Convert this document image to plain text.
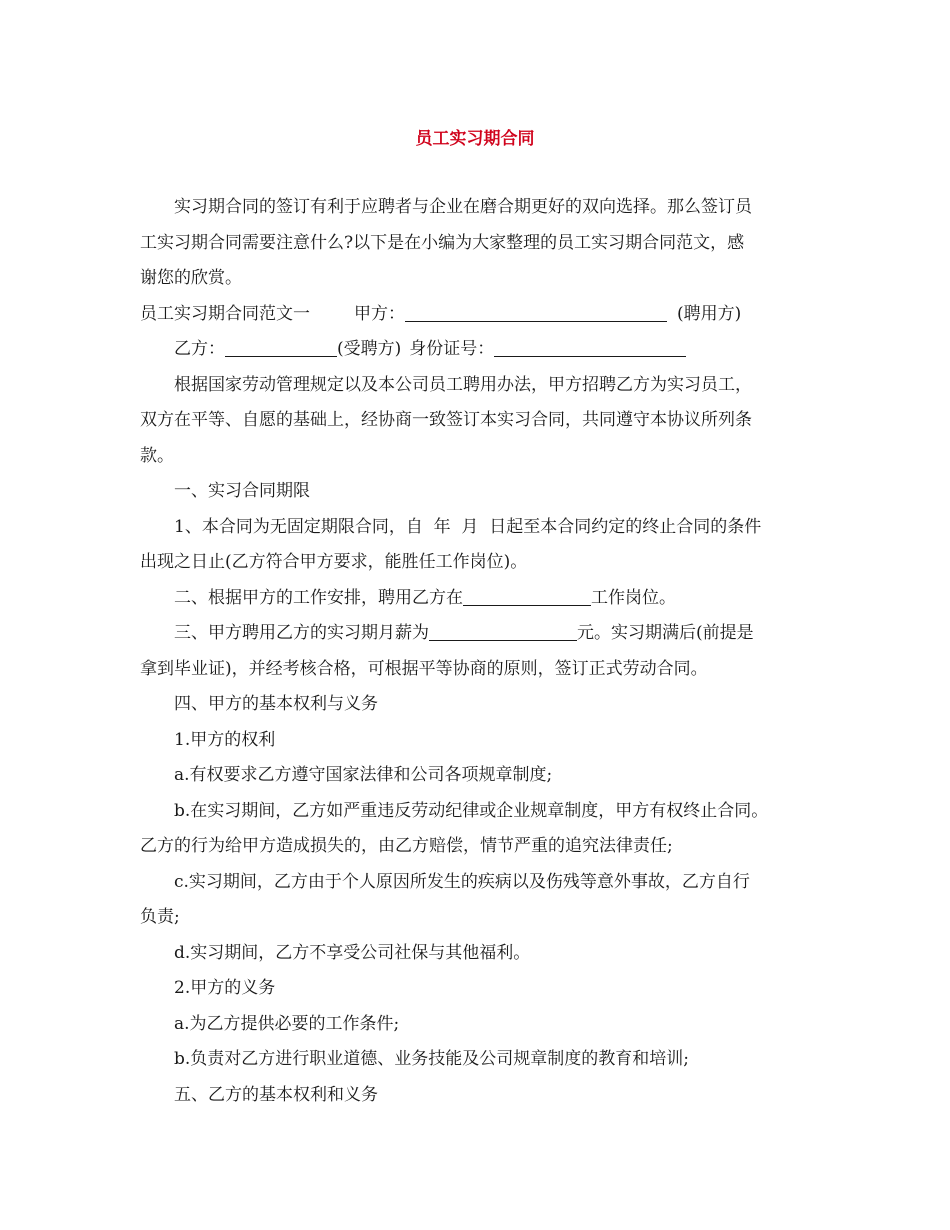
员工实习期合同

实习期合同的签订有利于应聘者与企业在磨合期更好的双向选择。那么签订员

工实习期合同需要注意什么?以下是在小编为大家整理的员工实习期合同范文，感

谢您的欣赏。

员工实习期合同范文一	甲方：	(聘用方)

乙方：	(受聘方) 身份证号：

根据国家劳动管理规定以及本公司员工聘用办法，甲方招聘乙方为实习员工，

双方在平等、自愿的基础上，经协商一致签订本实习合同，共同遵守本协议所列条

款。

一、实习合同期限

1、本合同为无固定期限合同，自  年  月  日起至本合同约定的终止合同的条件

出现之日止(乙方符合甲方要求，能胜任工作岗位)。

二、根据甲方的工作安排，聘用乙方在	工作岗位。

三、甲方聘用乙方的实习期月薪为	元。实习期满后(前提是

拿到毕业证)，并经考核合格，可根据平等协商的原则，签订正式劳动合同。

四、甲方的基本权利与义务

1.甲方的权利

a.有权要求乙方遵守国家法律和公司各项规章制度;

b.在实习期间，乙方如严重违反劳动纪律或企业规章制度，甲方有权终止合同。

乙方的行为给甲方造成损失的，由乙方赔偿，情节严重的追究法律责任;

c.实习期间，乙方由于个人原因所发生的疾病以及伤残等意外事故，乙方自行

负责;

d.实习期间，乙方不享受公司社保与其他福利。

2.甲方的义务

a.为乙方提供必要的工作条件;

b.负责对乙方进行职业道德、业务技能及公司规章制度的教育和培训;

五、乙方的基本权利和义务
